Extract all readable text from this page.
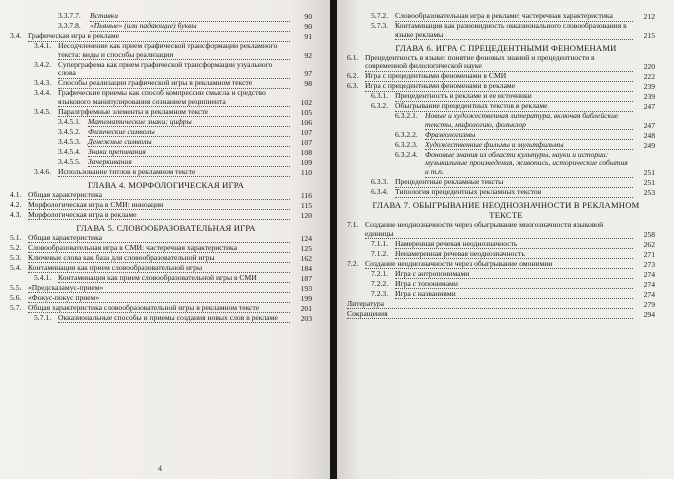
3.3.7.7. Вставки	90
3.3.7.8. «Пьяные» (или падающие) буквы	90
3.4. Графическая игра в рекламе	91
3.4.1. Несодчленение как прием графической трансформации рекламного текста: виды и способы реализации	92
3.4.2. Суперграфема как прием графической трансформации узуального слова	97
3.4.3. Способы реализации графической игры в рекламном тексте	98
3.4.4. Графические приемы как способ компрессии смысла и средство языкового манипулирования сознанием реципиента	102
3.4.5. Паралгрфемные элементы в рекламном тексте	105
3.4.5.1. Математические знаки; цифры	106
3.4.5.2. Физические символы	107
3.4.5.3. Денежные символы	107
3.4.5.4. Знаки препинания	108
3.4.5.5. Зачеркивания	109
3.4.6. Использование титлов в рекламном тексте	110
ГЛАВА 4. МОРФОЛОГИЧЕСКАЯ ИГРА
4.1. Общая характеристика	116
4.2. Морфологическая игра в СМИ: инноации	115
4.3. Морфологическая игра в рекламе	120
ГЛАВА 5. СЛОВООБРАЗОВАТЕЛЬНАЯ ИГРА
5.1. Общая характеристика	124
5.2. Словообразовательная игра в СМИ: частеречная характеристика	125
5.3. Ключевые слова как база для словообразовательной игры	162
5.4. Контаминация как прием словообразовательной игры	184
5.4.1. Контаминация как прием словообразовательной игры в СМИ	187
5.5. «Предсказамус-прием»	193
5.6. «Фокус-покус прием»	199
5.7. Общая характеристика словообразовательной игры в рекламном тексте	201
5.7.1. Окказиональные способы и приемы создания новых слов в рекламе	203
4
5.7.2. Словообразовательная игра в рекламе: частеречная характеристика	212
5.7.3. Контаминация как разновидность окказионального словообразования в языке рекламы	215
ГЛАВА 6. ИГРА С ПРЕЦЕДЕНТНЫМИ ФЕНОМЕНАМИ
6.1. Прецедентность в языке: понятие фоновых знаний и прецедентности в современной филологической науке	220
6.2. Игра с прецедентными феноменами в СМИ	222
6.3. Игра с прецедентными феноменами в рекламе	239
6.3.1. Прецедентность в рекламе и ее источники	239
6.3.2. Обыгрывание прецедентных текстов в рекламе	247
6.3.2.1. Новые и художественная литература, включая библейские тексты, мифологию, фольклор	247
6.3.2.2. Фразеологизмы	248
6.3.2.3. Художественные фильмы и мультфильмы	249
6.3.2.4. Фоновые знания из области культуры, науки и истории: музыкальные произведения, живопись, исторические события и т.п.	251
6.3.3. Прецедентные рекламные тексты	251
6.3.4. Типология прецедентных рекламных текстов	253
ГЛАВА 7. ОБЫГРЫВАНИЕ НЕОДНОЗНАЧНОСТИ В РЕКЛАМНОМ ТЕКСТЕ
7.1. Создание неоднозначности через обыгрывание многозначности языковой единицы	258
7.1.1. Намеренная речевая неоднозначность	262
7.1.2. Ненамеренная речевая неоднозначность	271
7.2. Создание неоднозначности через обыгрывание омонимии	273
7.2.1. Игра с антропонимами	274
7.2.2. Игра с топонимами	274
7.2.3. Игра с названиями	274
Литература	279
Сокращения	294
